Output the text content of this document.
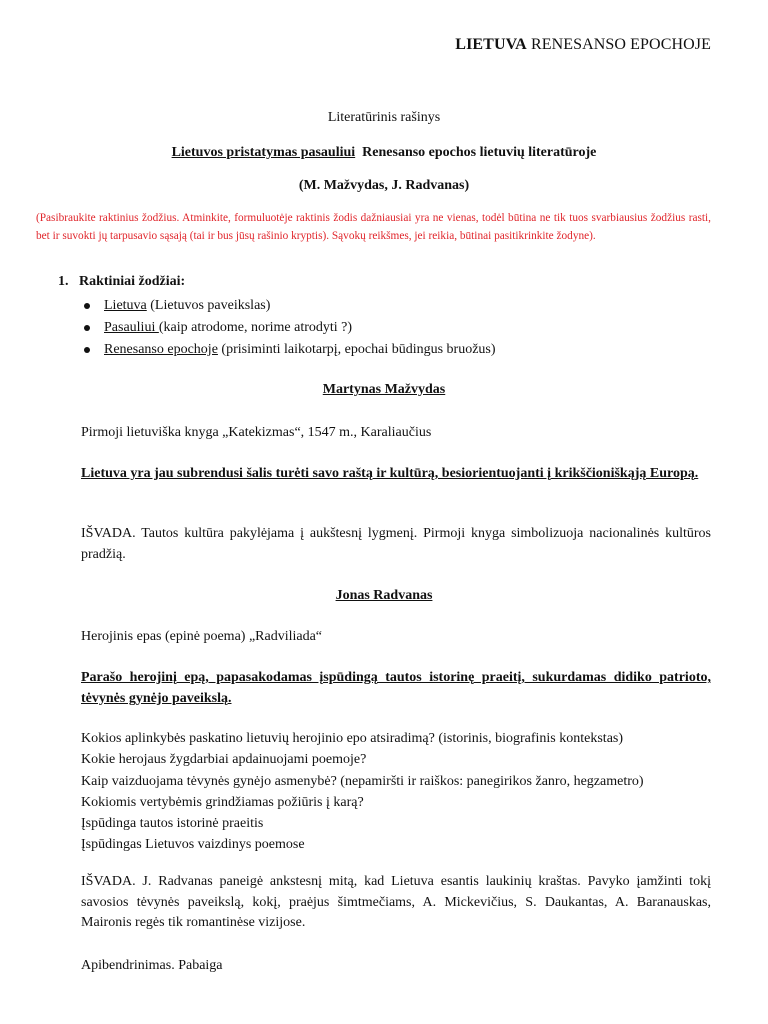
LIETUVA RENESANSO EPOCHOJE
Literatūrinis rašinys
Lietuvos pristatymas pasauliui  Renesanso epochos lietuvių literatūroje
(M. Mažvydas, J. Radvanas)
(Pasibraukite raktinius žodžius. Atminkite, formuluotėje raktinis žodis dažniausiai yra ne vienas, todėl būtina ne tik tuos svarbiausius žodžius rasti, bet ir suvokti jų tarpusavio sąsają (tai ir bus jūsų rašinio kryptis). Sąvokų reikšmes, jei reikia, būtinai pasitikrinkite žodyne).
1.   Raktiniai žodžiai:
Lietuva (Lietuvos paveikslas)
Pasauliui (kaip atrodome, norime atrodyti ?)
Renesanso epochoje (prisiminti laikotarpį, epochai būdingus bruožus)
Martynas Mažvydas
Pirmoji lietuviška knyga „Katekizmas“, 1547 m., Karaliaučius
Lietuva yra jau subrendusi šalis turėti savo raštą ir kultūrą, besiorientuojanti į krikščioniškąją Europą.
IŠVADA. Tautos kultūra pakylėjama į aukštesnį lygmenį. Pirmoji knyga simbolizuoja nacionalinės kultūros pradžią.
Jonas Radvanas
Herojinis epas (epinė poema) „Radviliada“
Parašo herojinį epą, papasakodamas įspūdingą tautos istorinę praeitį, sukurdamas didiko patrioto, tėvynės gynėjo paveikslą.
Kokios aplinkybės paskatino lietuvių herojinio epo atsiradimą? (istorinis, biografinis kontekstas)
Kokie herojaus žygdarbiai apdainuojami poemoje?
Kaip vaizduojama tėvynės gynėjo asmenybė? (nepamiršti ir raiškos: panegirikos žanro, hegzametro)
Kokiomis vertybėmis grindžiamas požiūris į karą?
Įspūdinga tautos istorinė praeitis
Įspūdingas Lietuvos vaizdinys poemose
IŠVADA. J. Radvanas paneigė ankstesnį mitą, kad Lietuva esantis laukinių kraštas. Pavyko įamžinti tokį savosios tėvynės paveikslą, kokį, praėjus šimtmečiams, A. Mickevičius, S. Daukantas, A. Baranauskas, Maironis regės tik romantinėse vizijose.
Apibendrinimas. Pabaiga
